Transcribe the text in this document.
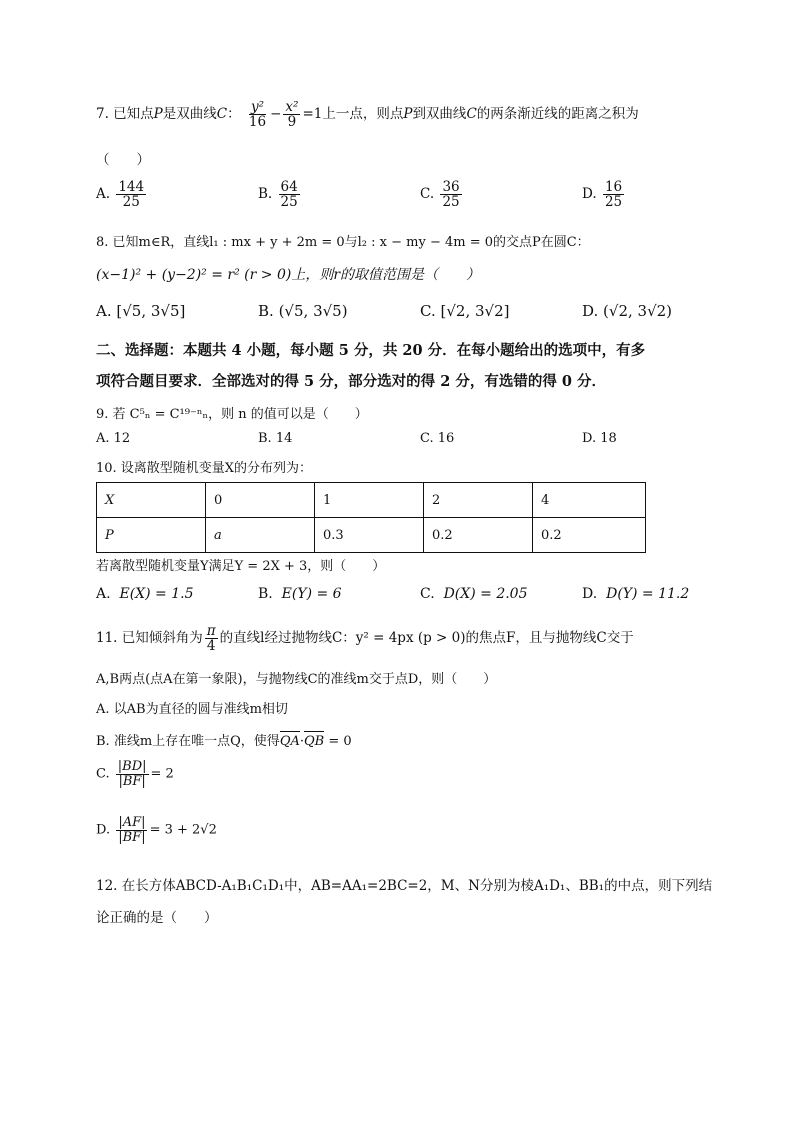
7. 已知点P是双曲线C： $\frac{\text{y²}}{16} - \frac{\text{x²}}{9} =1$上一点，则点P到双曲线C的两条渐近线的距离之积为
（　　）
A. $\frac{144}{25}$	B. $\frac{64}{25}$	C. $\frac{36}{25}$	D. $\frac{16}{25}$
8. 已知m∈R，直线l₁ : mx + y + 2m = 0与l₂ : x − my − 4m = 0的交点P在圆C：
(x−1)² + (y−2)² = r² (r > 0)上，则r的取值范围是（　　）
A. [√5, 3√5]	B. (√5, 3√5)	C. [√2, 3√2]	D. (√2, 3√2)
二、选择题：本题共 4 小题，每小题 5 分，共 20 分．在每小题给出的选项中，有多
项符合题目要求．全部选对的得 5 分，部分选对的得 2 分，有选错的得 0 分．
9. 若 C⁵ₙ = C¹⁹⁻ⁿₙ，则 n 的值可以是（　　）
A. 12	B. 14	C. 16	D. 18
10. 设离散型随机变量X的分布列为：
X	0	1	2	4
P	a	0.3	0.2	0.2
若离散型随机变量Y满足Y = 2X + 3，则（　　）
A. E(X) = 1.5	B. E(Y) = 6	C. D(X) = 2.05	D. D(Y) = 11.2
11. 已知倾斜角为 $\frac{\pi}{4}$ 的直线l经过抛物线C：y² = 4px (p > 0)的焦点F，且与抛物线C交于
A,B两点(点A在第一象限)，与抛物线C的准线m交于点D，则（　　）
A. 以AB为直径的圆与准线m相切
B. 准线m上存在唯一点Q，使得QA·QB = 0
C. $\frac{|BD|}{|BF|} = 2$
D. $\frac{|AF|}{|BF|} = 3 + 2√2$
12. 在长方体ABCD-A₁B₁C₁D₁中，AB=AA₁=2BC=2，M、N分别为棱A₁D₁、BB₁的中点，则下列结
论正确的是（　　）
